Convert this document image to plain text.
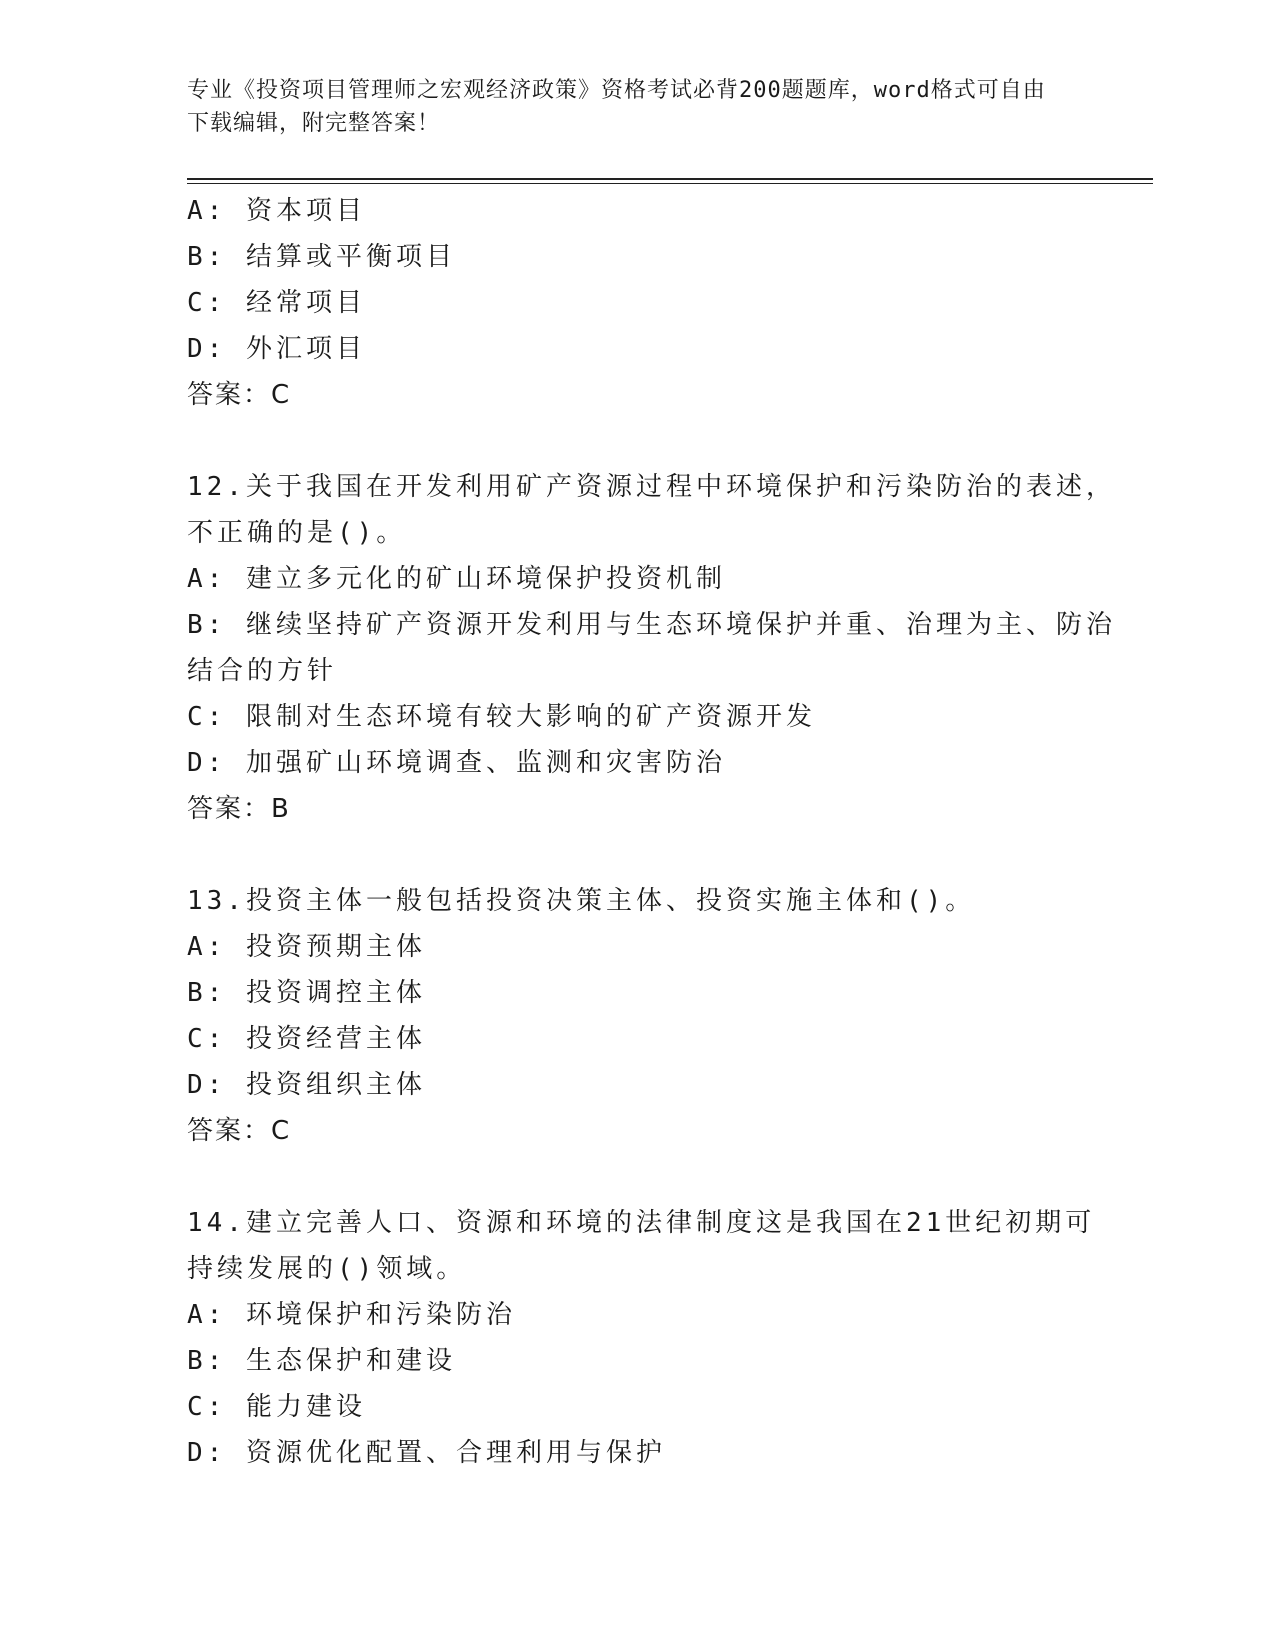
专业《投资项目管理师之宏观经济政策》资格考试必背200题题库，word格式可自由下载编辑，附完整答案！
A: 资本项目
B: 结算或平衡项目
C: 经常项目
D: 外汇项目
答案：C
12.关于我国在开发利用矿产资源过程中环境保护和污染防治的表述，
不正确的是()。
A: 建立多元化的矿山环境保护投资机制
B: 继续坚持矿产资源开发利用与生态环境保护并重、治理为主、防治
结合的方针
C: 限制对生态环境有较大影响的矿产资源开发
D: 加强矿山环境调查、监测和灾害防治
答案：B
13.投资主体一般包括投资决策主体、投资实施主体和()。
A: 投资预期主体
B: 投资调控主体
C: 投资经营主体
D: 投资组织主体
答案：C
14.建立完善人口、资源和环境的法律制度这是我国在21世纪初期可
持续发展的()领域。
A: 环境保护和污染防治
B: 生态保护和建设
C: 能力建设
D: 资源优化配置、合理利用与保护
